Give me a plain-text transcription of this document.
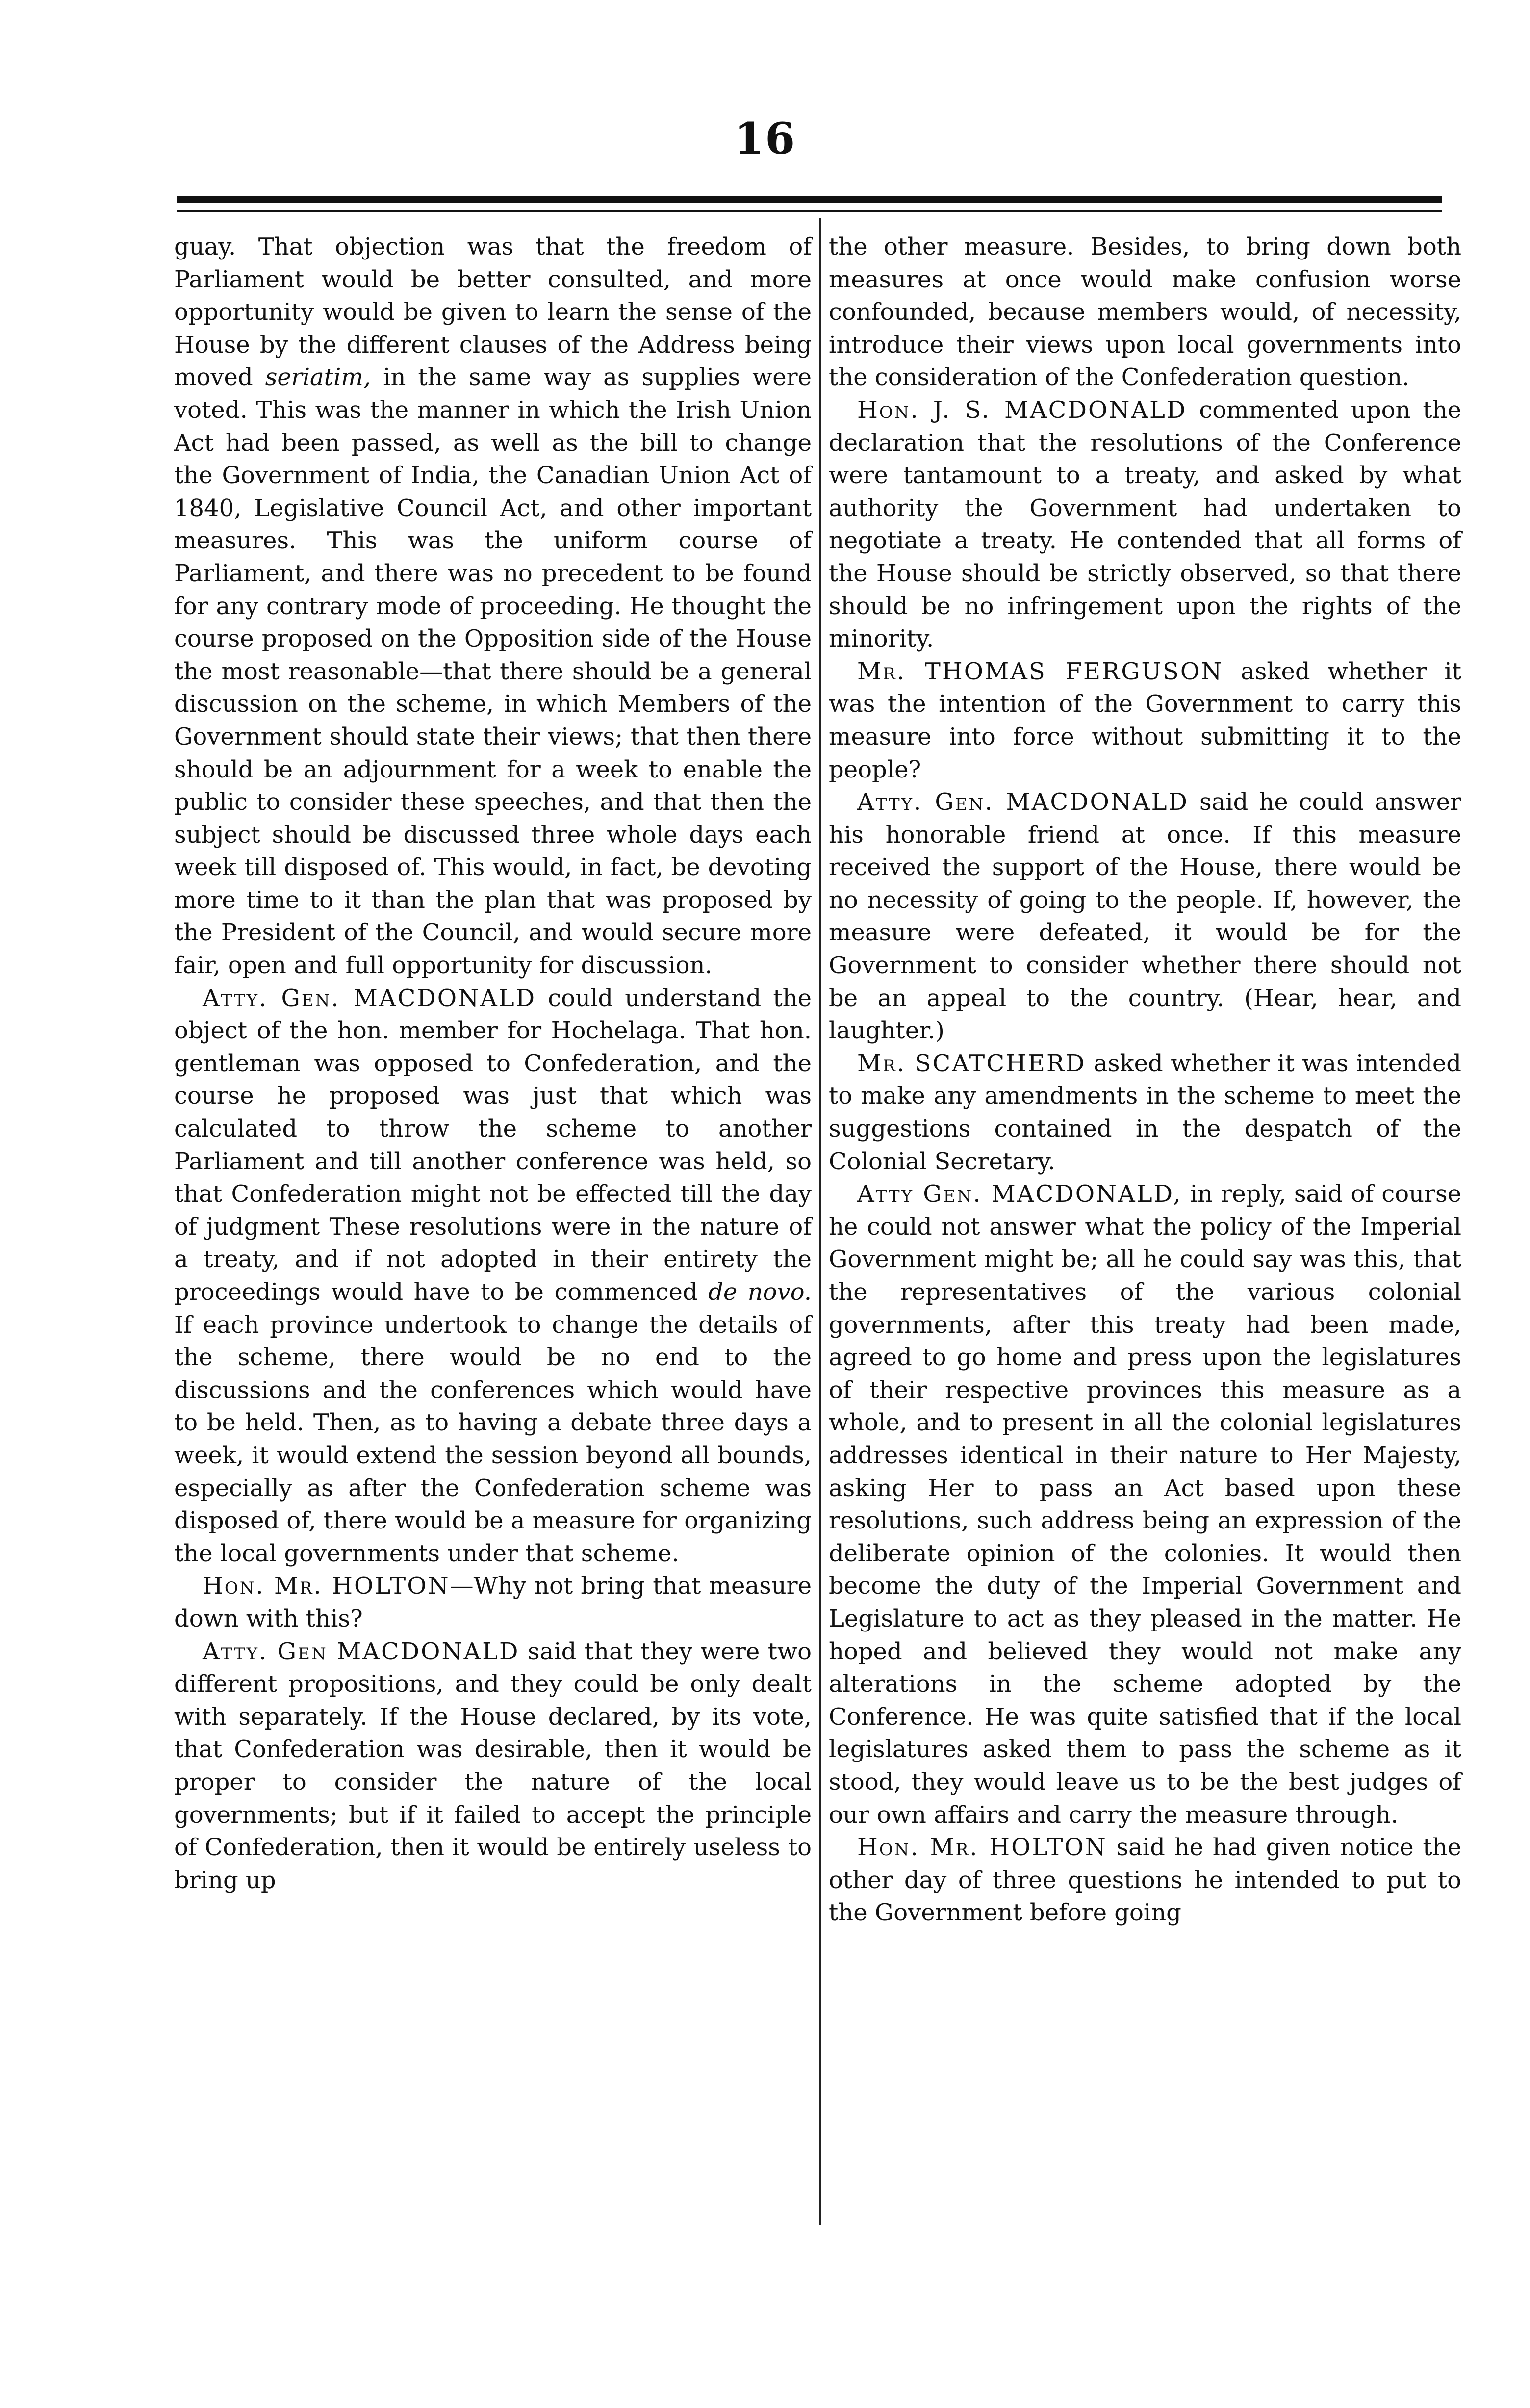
16

guay. That objection was that the freedom of Parliament would be better consulted, and more opportunity would be given to learn the sense of the House by the different clauses of the Address being moved seriatim, in the same way as supplies were voted. This was the manner in which the Irish Union Act had been passed, as well as the bill to change the Government of India, the Canadian Union Act of 1840, Legislative Council Act, and other important measures. This was the uniform course of Parliament, and there was no precedent to be found for any contrary mode of proceeding. He thought the course proposed on the Opposition side of the House the most reasonable—that there should be a general discussion on the scheme, in which Members of the Government should state their views; that then there should be an adjournment for a week to enable the public to consider these speeches, and that then the subject should be discussed three whole days each week till disposed of. This would, in fact, be devoting more time to it than the plan that was proposed by the President of the Council, and would secure more fair, open and full opportunity for discussion.

Atty. Gen. MACDONALD could understand the object of the hon. member for Hochelaga. That hon. gentleman was opposed to Confederation, and the course he proposed was just that which was calculated to throw the scheme to another Parliament and till another conference was held, so that Confederation might not be effected till the day of judgment These resolutions were in the nature of a treaty, and if not adopted in their entirety the proceedings would have to be commenced de novo. If each province undertook to change the details of the scheme, there would be no end to the discussions and the conferences which would have to be held. Then, as to having a debate three days a week, it would extend the session beyond all bounds, especially as after the Confederation scheme was disposed of, there would be a measure for organizing the local governments under that scheme.

Hon. Mr. HOLTON—Why not bring that measure down with this?

Atty. Gen MACDONALD said that they were two different propositions, and they could be only dealt with separately. If the House declared, by its vote, that Confederation was desirable, then it would be proper to consider the nature of the local governments; but if it failed to accept the principle of Confederation, then it would be entirely useless to bring up

the other measure. Besides, to bring down both measures at once would make confusion worse confounded, because members would, of necessity, introduce their views upon local governments into the consideration of the Confederation question.

Hon. J. S. MACDONALD commented upon the declaration that the resolutions of the Conference were tantamount to a treaty, and asked by what authority the Government had undertaken to negotiate a treaty. He contended that all forms of the House should be strictly observed, so that there should be no infringement upon the rights of the minority.

Mr. THOMAS FERGUSON asked whether it was the intention of the Government to carry this measure into force without submitting it to the people?

Atty. Gen. MACDONALD said he could answer his honorable friend at once. If this measure received the support of the House, there would be no necessity of going to the people. If, however, the measure were defeated, it would be for the Government to consider whether there should not be an appeal to the country. (Hear, hear, and laughter.)

Mr. SCATCHERD asked whether it was intended to make any amendments in the scheme to meet the suggestions contained in the despatch of the Colonial Secretary.

Atty Gen. MACDONALD, in reply, said of course he could not answer what the policy of the Imperial Government might be; all he could say was this, that the representatives of the various colonial governments, after this treaty had been made, agreed to go home and press upon the legislatures of their respective provinces this measure as a whole, and to present in all the colonial legislatures addresses identical in their nature to Her Majesty, asking Her to pass an Act based upon these resolutions, such address being an expression of the deliberate opinion of the colonies. It would then become the duty of the Imperial Government and Legislature to act as they pleased in the matter. He hoped and believed they would not make any alterations in the scheme adopted by the Conference. He was quite satisfied that if the local legislatures asked them to pass the scheme as it stood, they would leave us to be the best judges of our own affairs and carry the measure through.

Hon. Mr. HOLTON said he had given notice the other day of three questions he intended to put to the Government before going
